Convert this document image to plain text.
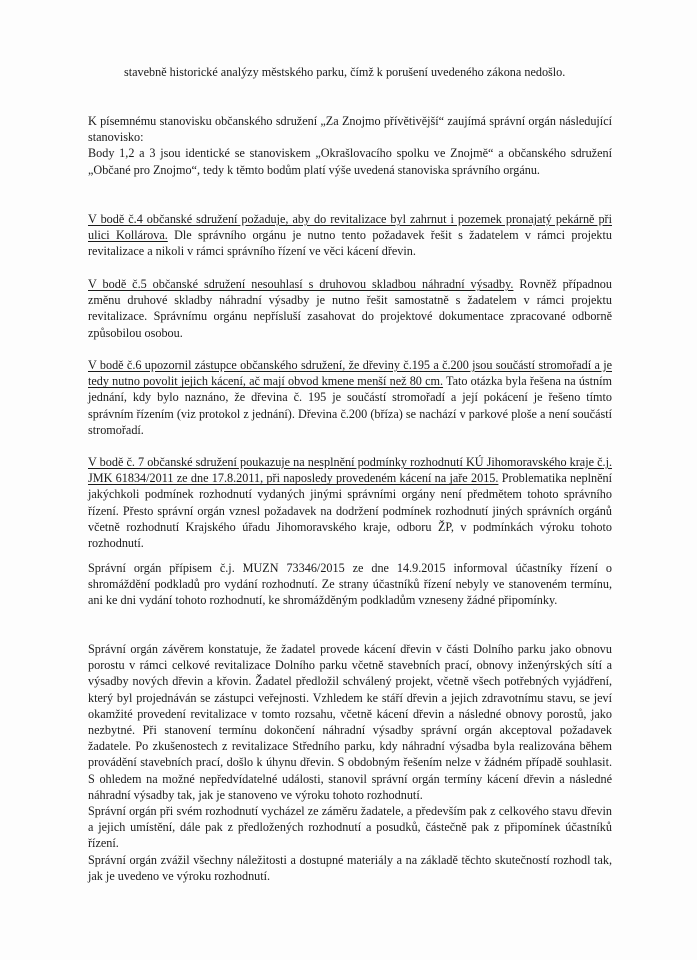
stavebně historické analýzy městského parku, čímž k porušení uvedeného zákona nedošlo.

K písemnému stanovisku občanského sdružení „Za Znojmo přívětivější“ zaujímá správní orgán následující stanovisko:
Body 1,2 a 3 jsou identické se stanoviskem „Okrašlovacího spolku ve Znojmě“ a občanského sdružení „Občané pro Znojmo“, tedy k těmto bodům platí výše uvedená stanoviska správního orgánu.

V bodě č.4 občanské sdružení požaduje, aby do revitalizace byl zahrnut i pozemek pronajatý pekárně při ulici Kollárova. Dle správního orgánu je nutno tento požadavek řešit s žadatelem v rámci projektu revitalizace a nikoli v rámci správního řízení ve věci kácení dřevin.

V bodě č.5 občanské sdružení nesouhlasí s druhovou skladbou náhradní výsadby. Rovněž případnou změnu druhové skladby náhradní výsadby je nutno řešit samostatně s žadatelem v rámci projektu revitalizace. Správnímu orgánu nepřísluší zasahovat do projektové dokumentace zpracované odborně způsobilou osobou.

V bodě č.6 upozornil zástupce občanského sdružení, že dřeviny č.195 a č.200 jsou součástí stromořadí a je tedy nutno povolit jejich kácení, ač mají obvod kmene menší než 80 cm. Tato otázka byla řešena na ústním jednání, kdy bylo naznáno, že dřevina č. 195 je součástí stromořadí a její pokácení je řešeno tímto správním řízením (viz protokol z jednání). Dřevina č.200 (bříza) se nachází v parkové ploše a není součástí stromořadí.

V bodě č. 7 občanské sdružení poukazuje na nesplnění podmínky rozhodnutí KÚ Jihomoravského kraje č.j. JMK 61834/2011 ze dne 17.8.2011, při naposledy provedeném kácení na jaře 2015. Problematika neplnění jakýchkoli podmínek rozhodnutí vydaných jinými správními orgány není předmětem tohoto správního řízení. Přesto správní orgán vznesl požadavek na dodržení podmínek rozhodnutí jiných správních orgánů včetně rozhodnutí Krajského úřadu Jihomoravského kraje, odboru ŽP, v podmínkách výroku tohoto rozhodnutí.

Správní orgán přípisem č.j. MUZN 73346/2015 ze dne 14.9.2015 informoval účastníky řízení o shromáždění podkladů pro vydání rozhodnutí. Ze strany účastníků řízení nebyly ve stanoveném termínu, ani ke dni vydání tohoto rozhodnutí, ke shromážděným podkladům vzneseny žádné připomínky.

Správní orgán závěrem konstatuje, že žadatel provede kácení dřevin v části Dolního parku jako obnovu porostu v rámci celkové revitalizace Dolního parku včetně stavebních prací, obnovy inženýrských sítí a výsadby nových dřevin a křovin. Žadatel předložil schválený projekt, včetně všech potřebných vyjádření, který byl projednáván se zástupci veřejnosti. Vzhledem ke stáří dřevin a jejich zdravotnímu stavu, se jeví okamžité provedení revitalizace v tomto rozsahu, včetně kácení dřevin a následné obnovy porostů, jako nezbytné. Při stanovení termínu dokončení náhradní výsadby správní orgán akceptoval požadavek žadatele. Po zkušenostech z revitalizace Středního parku, kdy náhradní výsadba byla realizována během provádění stavebních prací, došlo k úhynu dřevin. S obdobným řešením nelze v žádném případě souhlasit. S ohledem na možné nepředvídatelné události, stanovil správní orgán termíny kácení dřevin a následné náhradní výsadby tak, jak je stanoveno ve výroku tohoto rozhodnutí.
Správní orgán při svém rozhodnutí vycházel ze záměru žadatele, a především pak z celkového stavu dřevin a jejich umístění, dále pak z předložených rozhodnutí a posudků, částečně pak z připomínek účastníků řízení.
Správní orgán zvážil všechny náležitosti a dostupné materiály a na základě těchto skutečností rozhodl tak, jak je uvedeno ve výroku rozhodnutí.
